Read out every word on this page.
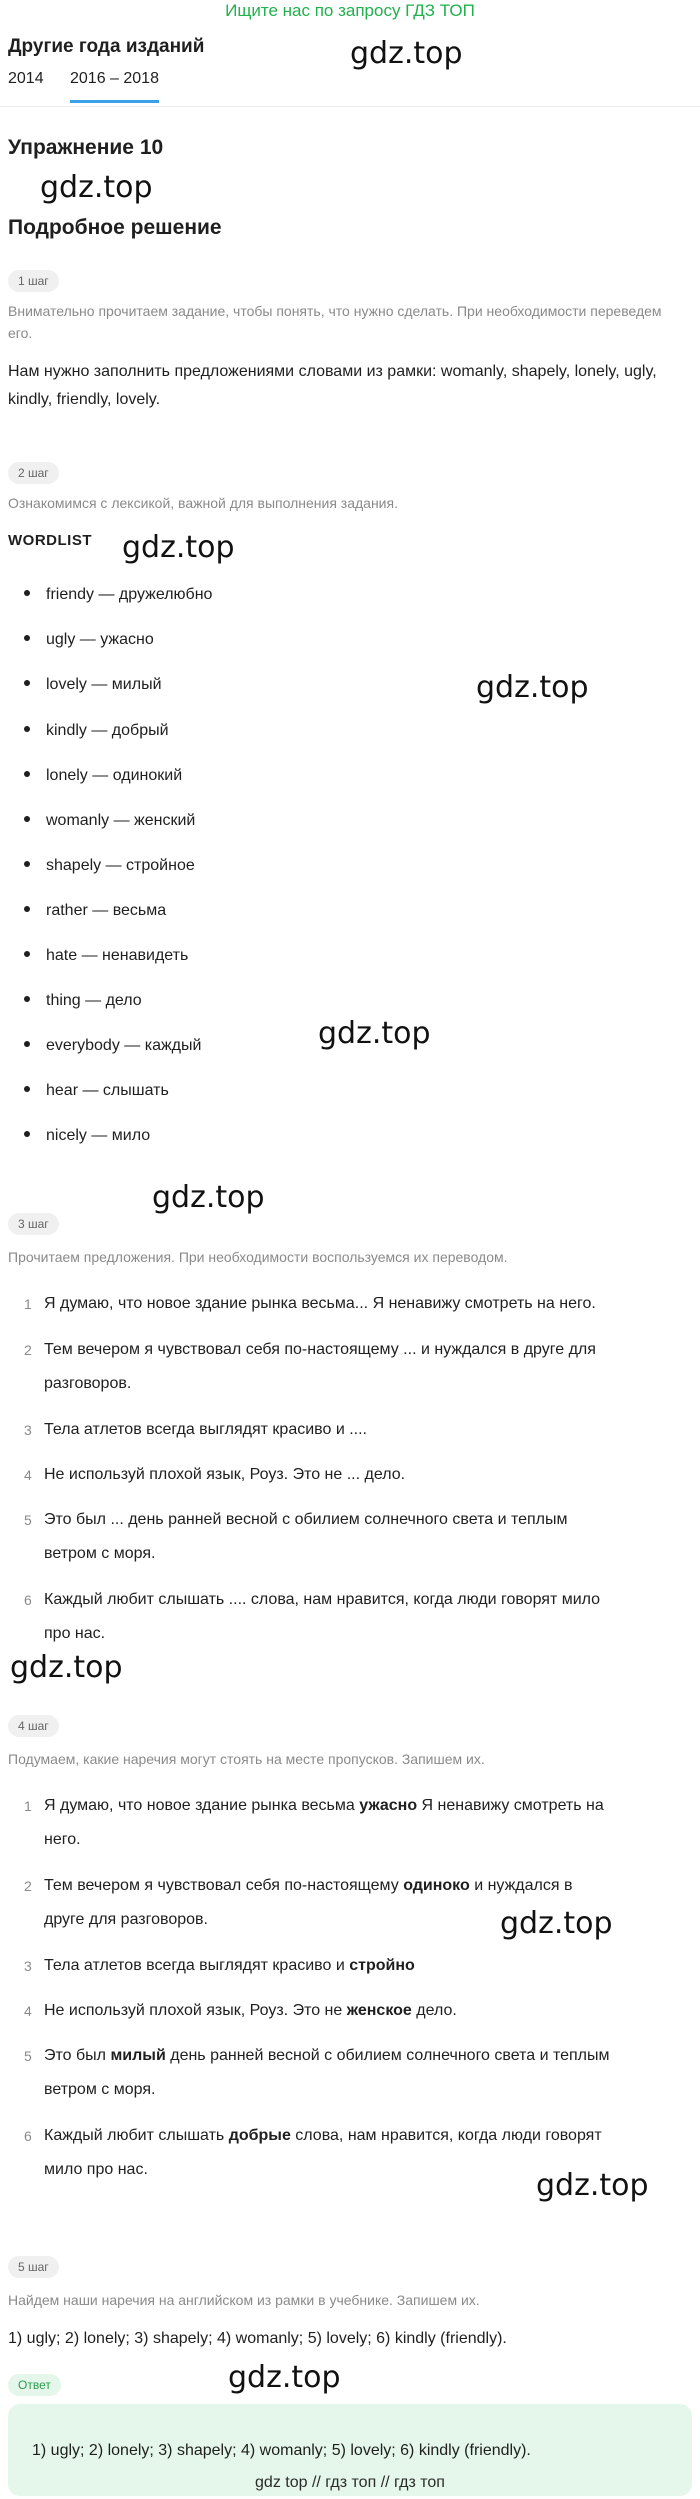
Ищите нас по запросу ГДЗ ТОП
Другие года изданий
2014 2016 – 2018
gdz.top
gdz.top
gdz.top
gdz.top
gdz.top
gdz.top
gdz.top
gdz.top
gdz.top
gdz.top
Упражнение 10
Подробное решение
1 шаг
Внимательно прочитаем задание, чтобы понять, что нужно сделать. При необходимости переведем его.
Нам нужно заполнить предложениями словами из рамки: womanly, shapely, lonely, ugly, kindly, friendly, lovely.
2 шаг
Ознакомимся с лексикой, важной для выполнения задания.
WORDLIST
friendy — дружелюбно
ugly — ужасно
lovely — милый
kindly — добрый
lonely — одинокий
womanly — женский
shapely — стройное
rather — весьма
hate — ненавидеть
thing — дело
everybody — каждый
hear — слышать
nicely — мило
3 шаг
Прочитаем предложения. При необходимости воспользуемся их переводом.
1 Я думаю, что новое здание рынка весьма... Я ненавижу смотреть на него.
2 Тем вечером я чувствовал себя по-настоящему ... и нуждался в друге для
разговоров.
3 Тела атлетов всегда выглядят красиво и ....
4 Не используй плохой язык, Роуз. Это не ... дело.
5 Это был ... день ранней весной с обилием солнечного света и теплым
ветром с моря.
6 Каждый любит слышать .... слова, нам нравится, когда люди говорят мило
про нас.
4 шаг
Подумаем, какие наречия могут стоять на месте пропусков. Запишем их.
1 Я думаю, что новое здание рынка весьма ужасно Я ненавижу смотреть на
него.
2 Тем вечером я чувствовал себя по-настоящему одиноко и нуждался в
друге для разговоров.
3 Тела атлетов всегда выглядят красиво и стройно
4 Не используй плохой язык, Роуз. Это не женское дело.
5 Это был милый день ранней весной с обилием солнечного света и теплым
ветром с моря.
6 Каждый любит слышать добрые слова, нам нравится, когда люди говорят
мило про нас.
5 шаг
Найдем наши наречия на английском из рамки в учебнике. Запишем их.
1) ugly; 2) lonely; 3) shapely; 4) womanly; 5) lovely; 6) kindly (friendly).
Ответ
1) ugly; 2) lonely; 3) shapely; 4) womanly; 5) lovely; 6) kindly (friendly).
gdz top // гдз топ // гдз топ
